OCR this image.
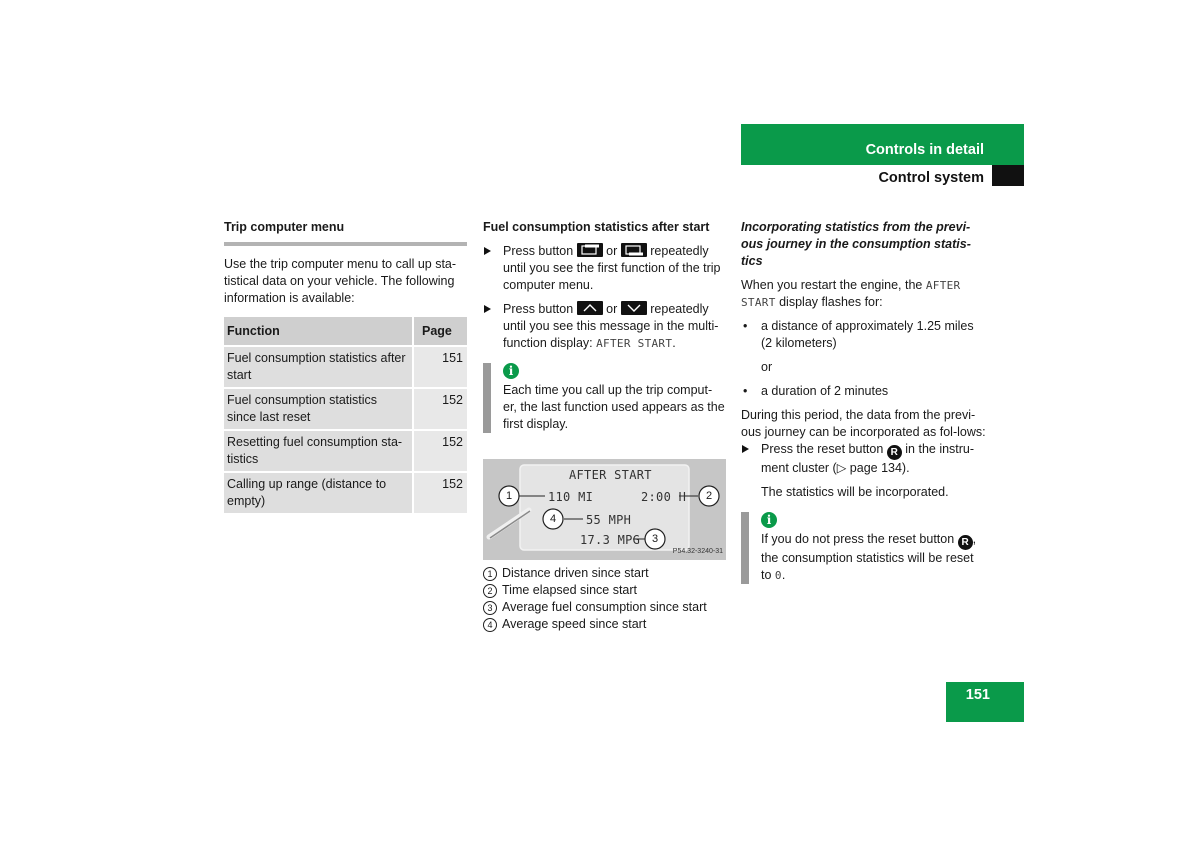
Controls in detail
Control system
Trip computer menu

Use the trip computer menu to call up sta-tistical data on your vehicle. The following information is available:

Function	Page
Fuel consumption statistics after start	151
Fuel consumption statistics since last reset	152
Resetting fuel consumption sta-tistics	152
Calling up range (distance to empty)	152
Fuel consumption statistics after start
Press button	or	repeatedly until you see the first function of the trip computer menu.
Press button	or	repeatedly until you see this message in the multi-function display: AFTER START.
i

Each time you call up the trip comput-er, the last function used appears as the first display.

AFTER START
110 MI	2:00 H
55 MPH
17.3 MPG
1	2
3
4
P54.32-3240-31
1 Distance driven since start
2 Time elapsed since start
3 Average fuel consumption since start
4 Average speed since start
Incorporating statistics from the previ-ous journey in the consumption statis-tics

When you restart the engine, the AFTER START display flashes for:

• a distance of approximately 1.25 miles (2 kilometers)

or

• a duration of 2 minutes

During this period, the data from the previ-ous journey can be incorporated as fol-lows:

Press the reset button R in the instru-ment cluster (▷ page 134).

The statistics will be incorporated.

i

If you do not press the reset button R , the consumption statistics will be reset to 0.

151
